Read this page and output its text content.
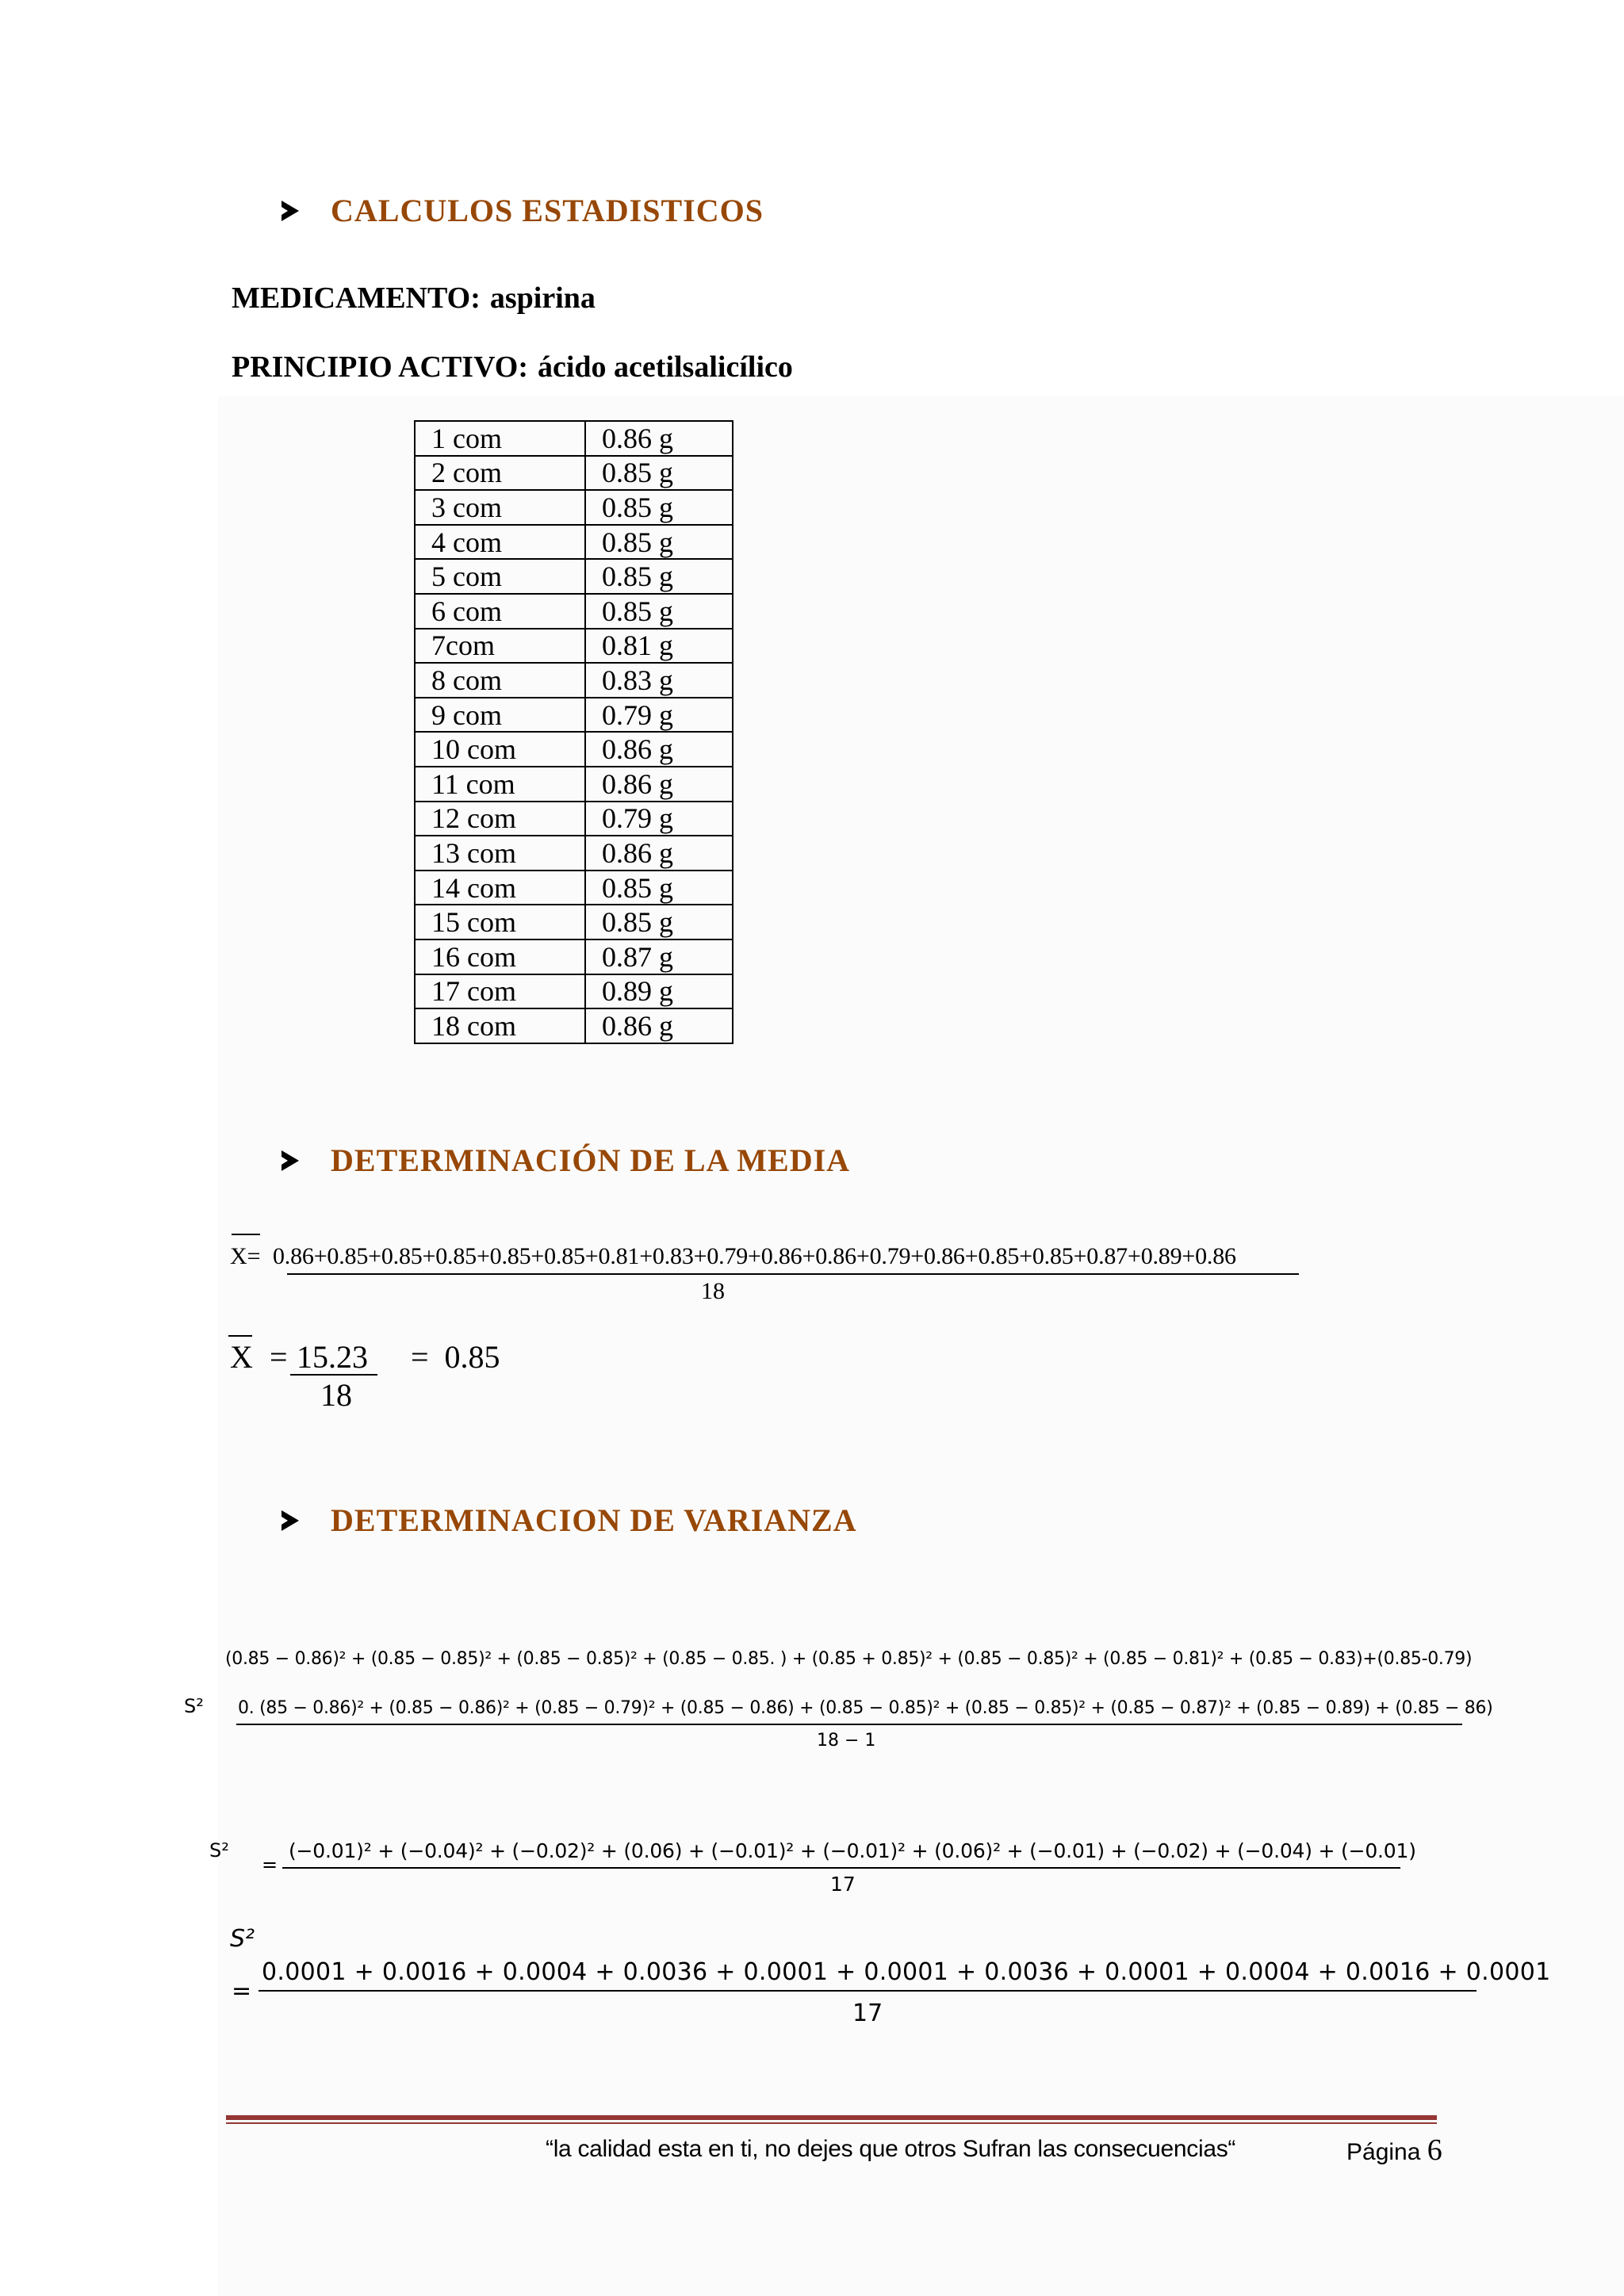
CALCULOS ESTADISTICOS
MEDICAMENTO: aspirina
PRINCIPIO ACTIVO: ácido acetilsalicílico
1 com	0.86 g
2 com	0.85 g
3 com	0.85 g
4 com	0.85 g
5 com	0.85 g
6 com	0.85 g
7com	0.81 g
8 com	0.83 g
9 com	0.79 g
10 com	0.86 g
11 com	0.86 g
12 com	0.79 g
13 com	0.86 g
14 com	0.85 g
15 com	0.85 g
16 com	0.87 g
17 com	0.89 g
18 com	0.86 g
DETERMINACIÓN DE LA MEDIA
X= 0.86+0.85+0.85+0.85+0.85+0.85+0.81+0.83+0.79+0.86+0.86+0.79+0.86+0.85+0.85+0.87+0.89+0.86
18
X = 15.23
18
=  0.85
DETERMINACION DE VARIANZA
(0.85 − 0.86)² + (0.85 − 0.85)² + (0.85 − 0.85)² + (0.85 − 0.85. ) + (0.85 + 0.85)² + (0.85 − 0.85)² + (0.85 − 0.81)² + (0.85 − 0.83)+(0.85-0.79)
S² 0. (85 − 0.86)² + (0.85 − 0.86)² + (0.85 − 0.79)² + (0.85 − 0.86) + (0.85 − 0.85)² + (0.85 − 0.85)² + (0.85 − 0.87)² + (0.85 − 0.89) + (0.85 − 86)
18 − 1
S²
=
(−0.01)² + (−0.04)² + (−0.02)² + (0.06) + (−0.01)² + (−0.01)² + (0.06)² + (−0.01) + (−0.02) + (−0.04) + (−0.01)
17
S²
=
0.0001 + 0.0016 + 0.0004 + 0.0036 + 0.0001 + 0.0001 + 0.0036 + 0.0001 + 0.0004 + 0.0016 + 0.0001
17
“la calidad esta en ti, no dejes que otros Sufran las consecuencias“	Página 6
